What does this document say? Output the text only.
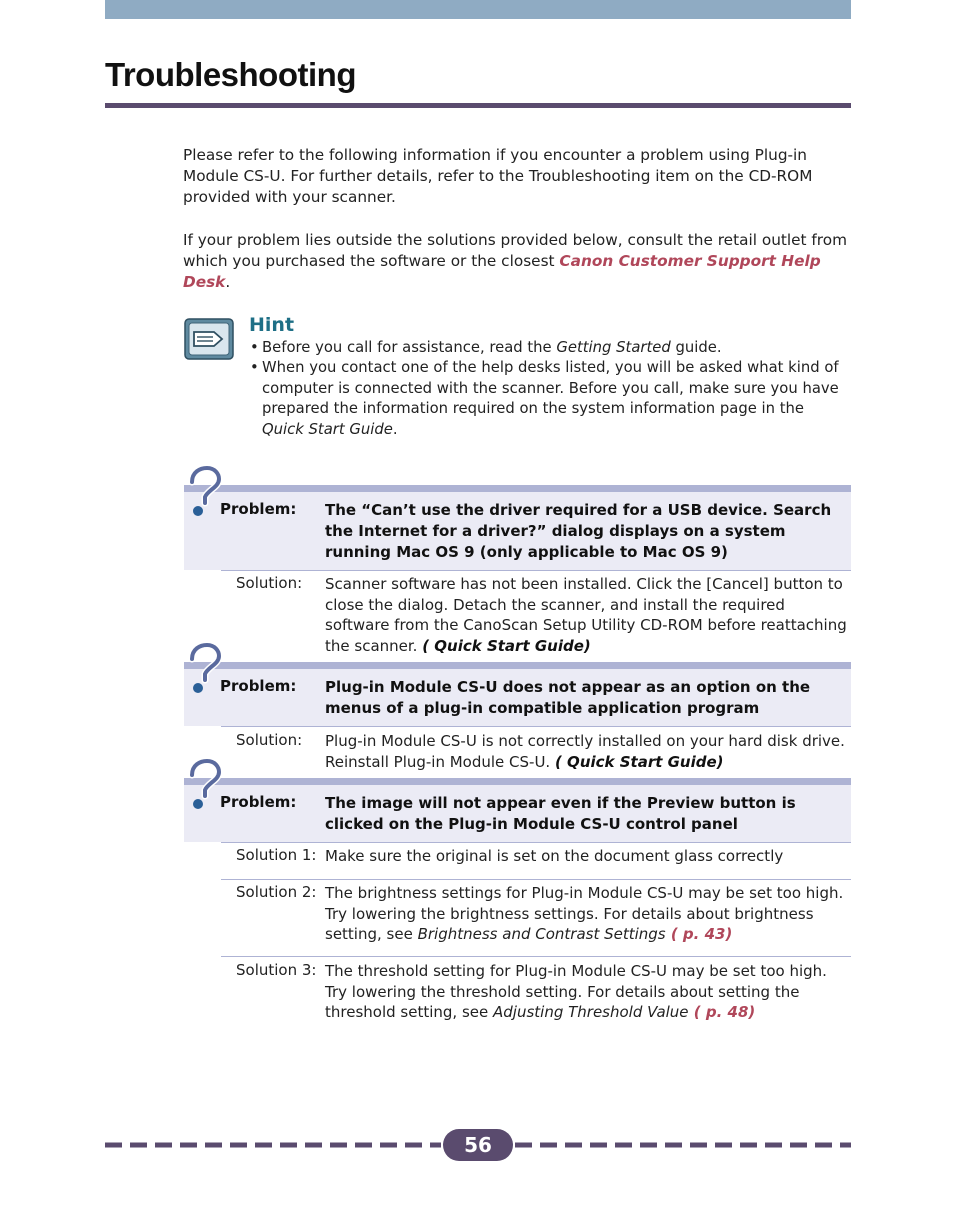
Troubleshooting
Please refer to the following information if you encounter a problem using Plug-in Module CS-U. For further details, refer to the Troubleshooting item on the CD-ROM provided with your scanner.
If your problem lies outside the solutions provided below, consult the retail outlet from which you purchased the software or the closest Canon Customer Support Help Desk.
Hint
• Before you call for assistance, read the Getting Started guide.
• When you contact one of the help desks listed, you will be asked what kind of computer is connected with the scanner. Before you call, make sure you have prepared the information required on the system information page in the Quick Start Guide.
Problem: The “Can’t use the driver required for a USB device. Search the Internet for a driver?” dialog displays on a system running Mac OS 9 (only applicable to Mac OS 9)
Solution: Scanner software has not been installed. Click the [Cancel] button to close the dialog. Detach the scanner, and install the required software from the CanoScan Setup Utility CD-ROM before reattaching the scanner. ( Quick Start Guide)
Problem: Plug-in Module CS-U does not appear as an option on the menus of a plug-in compatible application program
Solution: Plug-in Module CS-U is not correctly installed on your hard disk drive. Reinstall Plug-in Module CS-U. ( Quick Start Guide)
Problem: The image will not appear even if the Preview button is clicked on the Plug-in Module CS-U control panel
Solution 1: Make sure the original is set on the document glass correctly
Solution 2: The brightness settings for Plug-in Module CS-U may be set too high. Try lowering the brightness settings. For details about brightness setting, see Brightness and Contrast Settings ( p. 43)
Solution 3: The threshold setting for Plug-in Module CS-U may be set too high. Try lowering the threshold setting. For details about setting the threshold setting, see Adjusting Threshold Value ( p. 48)
56
